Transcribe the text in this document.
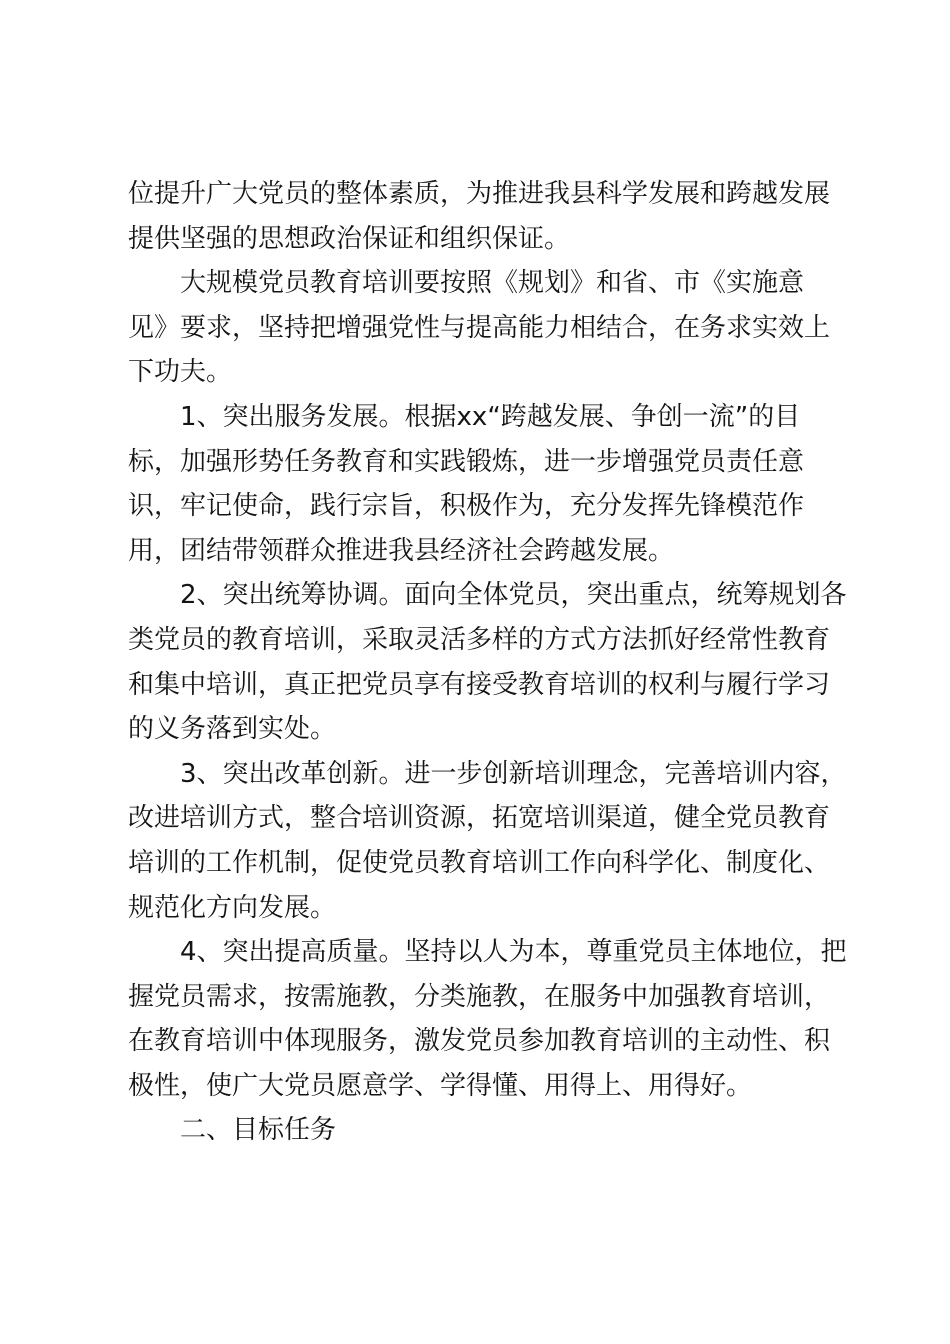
位提升广大党员的整体素质，为推进我县科学发展和跨越发展
提供坚强的思想政治保证和组织保证。

大规模党员教育培训要按照《规划》和省、市《实施意
见》要求，坚持把增强党性与提高能力相结合，在务求实效上
下功夫。

1、突出服务发展。根据xx“跨越发展、争创一流”的目
标，加强形势任务教育和实践锻炼，进一步增强党员责任意
识，牢记使命，践行宗旨，积极作为，充分发挥先锋模范作
用，团结带领群众推进我县经济社会跨越发展。

2、突出统筹协调。面向全体党员，突出重点，统筹规划各
类党员的教育培训，采取灵活多样的方式方法抓好经常性教育
和集中培训，真正把党员享有接受教育培训的权利与履行学习
的义务落到实处。

3、突出改革创新。进一步创新培训理念，完善培训内容，
改进培训方式，整合培训资源，拓宽培训渠道，健全党员教育
培训的工作机制，促使党员教育培训工作向科学化、制度化、
规范化方向发展。

4、突出提高质量。坚持以人为本，尊重党员主体地位，把
握党员需求，按需施教，分类施教，在服务中加强教育培训，
在教育培训中体现服务，激发党员参加教育培训的主动性、积
极性，使广大党员愿意学、学得懂、用得上、用得好。

二、目标任务
